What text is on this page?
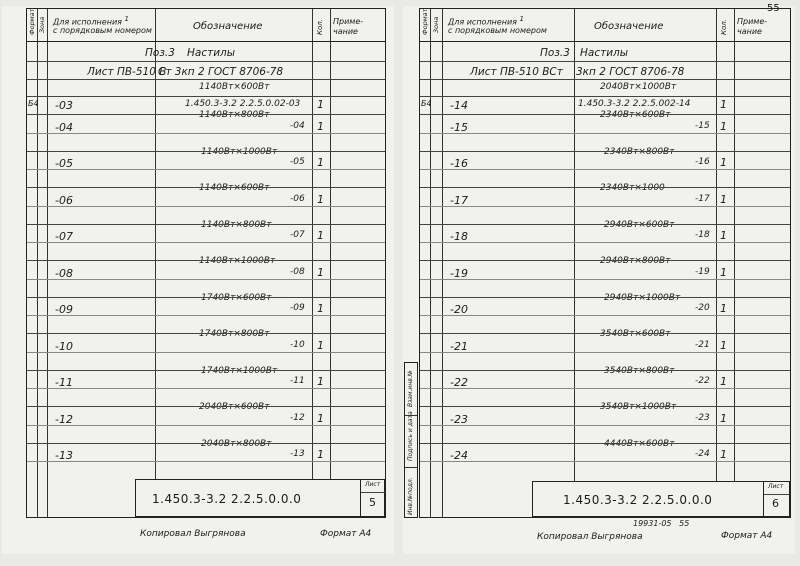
Формат Зона Для исполнения $^1$
с порядковым номером	Обозначение	Кол. Приме-
чание
Поз.3 Настилы
Лист ПВ-510 В
Ст 3кп 2 ГОСТ 8706-78
1140Вт×600Вт
Б4 -03	1.450.3-3.2 2.2.5.0.02-03 1
1140Вт×800Вт
-04	-04 1
1140Вт×1000Вт
-05	-05 1
1140Вт×600Вт
-06	-06 1
1140Вт×800Вт
-07	-07 1
1140Вт×1000Вт
-08	-08 1
1740Вт×600Вт
-09	-09 1
1740Вт×800Вт
-10	-10 1
1740Вт×1000Вт
-11	-11 1
2040Вт×600Вт
-12	-12 1
2040Вт×800Вт
-13	-13 1
1.450.3-3.2 2.2.5.0.0.0
Лист
5
Копировал Выгрянова	Формат А4
55
Взам.инв.№
Подпись и дата
Инв.№подл.
Формат Зона Для исполнения $^1$
с порядковым номером	Обозначение	Кол. Приме-
чание
Поз.3 Настилы
Лист ПВ-510 ВСт 3кп 2 ГОСТ 8706-78
2040Вт×1000Вт
Б4 -14	1.450.3-3.2 2.2.5.002-14	1
2340Вт×600Вт
-15	-15 1
2340Вт×800Вт
-16	-16 1
2340Вт×1000
-17	-17 1
2940Вт×600Вт
-18	-18 1
2940Вт×800Вт
-19	-19 1
2940Вт×1000Вт
-20	-20 1
3540Вт×600Вт
-21	-21 1
3540Вт×800Вт
-22	-22 1
3540Вт×1000Вт
-23	-23 1
4440Вт×600Вт
-24	-24 1
1.450.3-3.2 2.2.5.0.0.0
Лист
6
19931-05 55
Копировал Выгрянова	Формат А4
